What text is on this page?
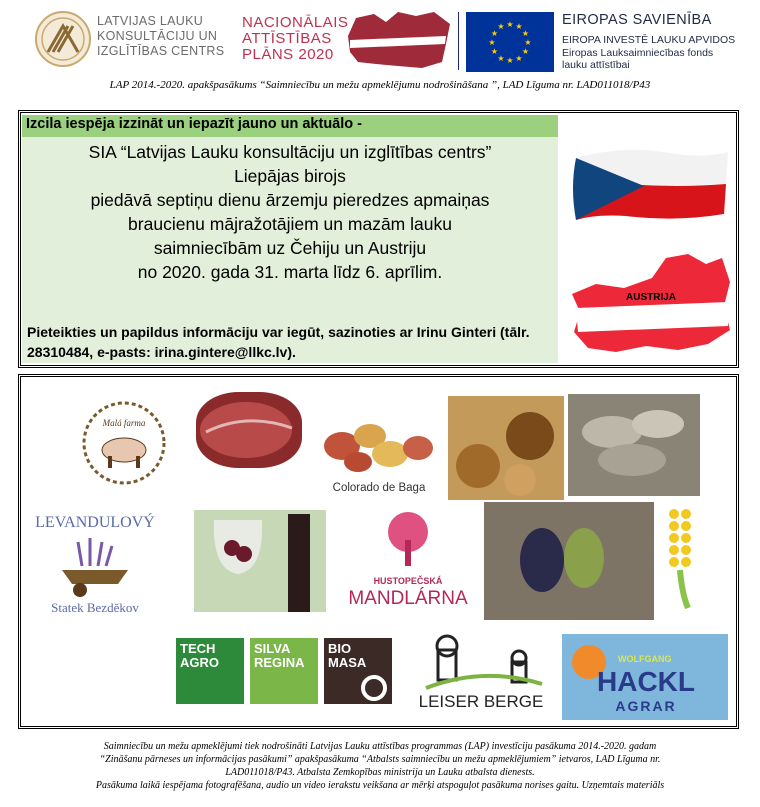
LATVIJAS LAUKU
KONSULTĀCIJU UN
IZGLĪTĪBAS CENTRS
NACIONĀLAIS
ATTĪSTĪBAS
PLĀNS 2020
★ ★
★
★
★
★
★
★
★
★
★
★	EIROPAS SAVIENĪBA
EIROPA INVESTĒ LAUKU APVIDOS
Eiropas Lauksaimniecības fonds
lauku attīstībai
LAP 2014.-2020. apakšpasākums “Saimniecību un mežu apmeklējumu nodrošināšana ”, LAD Līguma nr. LAD011018/P43
Izcila iespēja izzināt un iepazīt jauno un aktuālo -
SIA “Latvijas Lauku konsultāciju un izglītības centrs”
Liepājas birojs
piedāvā septiņu dienu ārzemju pieredzes apmaiņas
braucienu mājražotājiem un mazām lauku
saimniecībām uz Čehiju un Austriju
no 2020. gada 31. marta līdz 6. aprīlim.
Pieteikties un papildus informāciju var iegūt, sazinoties ar Irinu Ginteri (tālr. 28310484, e-pasts: irina.gintere@llkc.lv).
AUSTRIJA
Malá farma
Colorado de Baga
LEVANDULOVÝ
Statek Bezděkov
HUSTOPEČSKÁ
MANDLÁRNA
TECH
AGRO
SILVA
REGINA
BIO
MASA
LEISER BERGE
WOLFGANG
HACKL
AGRAR
Saimniecību un mežu apmeklējumi tiek nodrošināti Latvijas Lauku attīstības programmas (LAP) investīciju pasākuma 2014.-2020. gadam
“Zināšanu pārneses un informācijas pasākumi” apakšpasākuma “Atbalsts saimniecību un mežu apmeklējumiem” ietvaros, LAD Līguma nr.
LAD011018/P43. Atbalsta Zemkopības ministrija un Lauku atbalsta dienests.
Pasākuma laikā iespējama fotografēšana, audio un video ierakstu veikšana ar mērķi atspoguļot pasākuma norises gaitu. Uzņemtais materiāls
